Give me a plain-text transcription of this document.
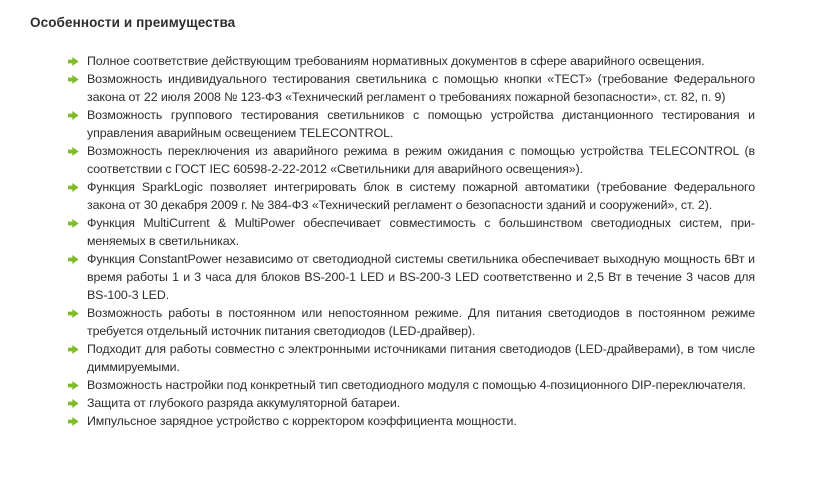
Особенности и преимущества
Полное соответствие действующим требованиям нормативных документов в сфере аварийного освещения.
Возможность индивидуального тестирования светильника с помощью кнопки «ТЕСТ» (требование Федерального закона от 22 июля 2008 № 123-ФЗ «Технический регламент о требованиях пожарной безопасности», ст. 82, п. 9)
Возможность группового тестирования светильников с помощью устройства дистанционного тестирования и управления аварийным освещением TELECONTROL.
Возможность переключения из аварийного режима в режим ожидания с помощью устройства TELECONTROL (в соответствии с ГОСТ IEC 60598-2-22-2012 «Светильники для аварийного освещения»).
Функция SparkLogic позволяет интегрировать блок в систему пожарной автоматики (требование Федерального закона от 30 декабря 2009 г. № 384-ФЗ «Технический регламент о безопасности зданий и сооружений», ст. 2).
Функция MultiCurrent & MultiPower обеспечивает совместимость с большинством светодиодных систем, применяемых в светильниках.
Функция ConstantPower независимо от светодиодной системы светильника обеспечивает выходную мощность 6Вт и время работы 1 и 3 часа для блоков BS-200-1 LED и BS-200-3 LED соответственно и 2,5 Вт в течение 3 часов для BS-100-3 LED.
Возможность работы в постоянном или непостоянном режиме. Для питания светодиодов в постоянном режиме требуется отдельный источник питания светодиодов (LED-драйвер).
Подходит для работы совместно с электронными источниками питания светодиодов (LED-драйверами), в том числе диммируемыми.
Возможность настройки под конкретный тип светодиодного модуля с помощью 4-позиционного DIP-переключателя.
Защита от глубокого разряда аккумуляторной батареи.
Импульсное зарядное устройство с корректором коэффициента мощности.
